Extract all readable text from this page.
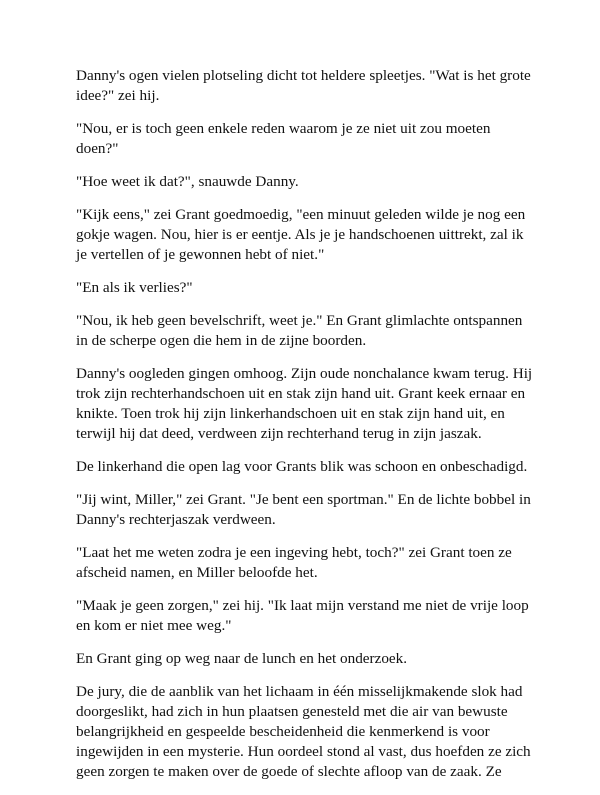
Danny's ogen vielen plotseling dicht tot heldere spleetjes. "Wat is het grote idee?" zei hij.

"Nou, er is toch geen enkele reden waarom je ze niet uit zou moeten doen?"

"Hoe weet ik dat?", snauwde Danny.

"Kijk eens," zei Grant goedmoedig, "een minuut geleden wilde je nog een gokje wagen. Nou, hier is er eentje. Als je je handschoenen uittrekt, zal ik je vertellen of je gewonnen hebt of niet."

"En als ik verlies?"

"Nou, ik heb geen bevelschrift, weet je." En Grant glimlachte ontspannen in de scherpe ogen die hem in de zijne boorden.

Danny's oogleden gingen omhoog. Zijn oude nonchalance kwam terug. Hij trok zijn rechterhandschoen uit en stak zijn hand uit. Grant keek ernaar en knikte. Toen trok hij zijn linkerhandschoen uit en stak zijn hand uit, en terwijl hij dat deed, verdween zijn rechterhand terug in zijn jaszak.

De linkerhand die open lag voor Grants blik was schoon en onbeschadigd.

"Jij wint, Miller," zei Grant. "Je bent een sportman." En de lichte bobbel in Danny's rechterjaszak verdween.

"Laat het me weten zodra je een ingeving hebt, toch?" zei Grant toen ze afscheid namen, en Miller beloofde het.

"Maak je geen zorgen," zei hij. "Ik laat mijn verstand me niet de vrije loop en kom er niet mee weg."

En Grant ging op weg naar de lunch en het onderzoek.

De jury, die de aanblik van het lichaam in één misselijkmakende slok had doorgeslikt, had zich in hun plaatsen genesteld met die air van bewuste belangrijkheid en gespeelde bescheidenheid die kenmerkend is voor ingewijden in een mysterie. Hun oordeel stond al vast, dus hoefden ze zich geen zorgen te maken over de goede of slechte afloop van de zaak. Ze
